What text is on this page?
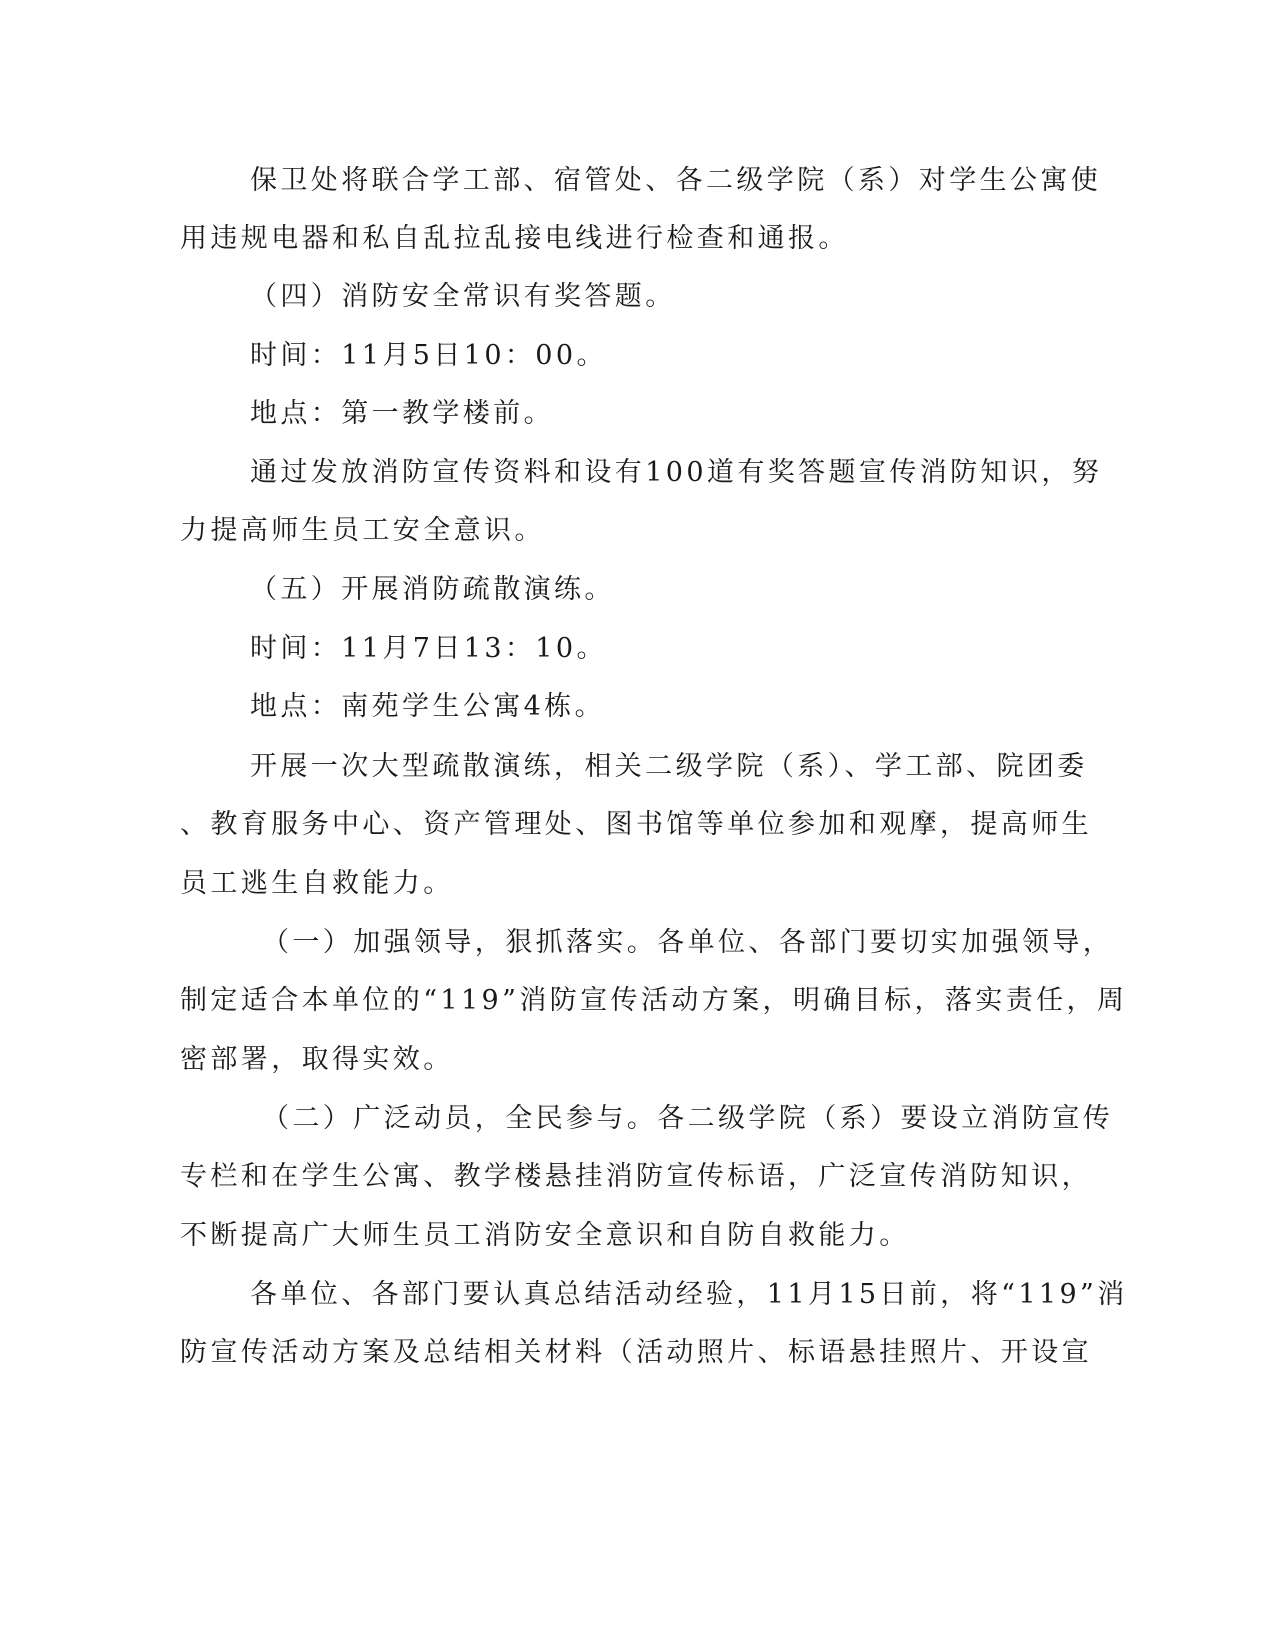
保卫处将联合学工部、宿管处、各二级学院（系）对学生公寓使
用违规电器和私自乱拉乱接电线进行检查和通报。
（四）消防安全常识有奖答题。
时间：11月5日10：00。
地点：第一教学楼前。
通过发放消防宣传资料和设有100道有奖答题宣传消防知识，努
力提高师生员工安全意识。
（五）开展消防疏散演练。
时间：11月7日13：10。
地点：南苑学生公寓4栋。
开展一次大型疏散演练，相关二级学院（系）、学工部、院团委
、教育服务中心、资产管理处、图书馆等单位参加和观摩，提高师生
员工逃生自救能力。
（一）加强领导，狠抓落实。各单位、各部门要切实加强领导，
制定适合本单位的“119”消防宣传活动方案，明确目标，落实责任，周
密部署，取得实效。
（二）广泛动员，全民参与。各二级学院（系）要设立消防宣传
专栏和在学生公寓、教学楼悬挂消防宣传标语，广泛宣传消防知识，
不断提高广大师生员工消防安全意识和自防自救能力。
各单位、各部门要认真总结活动经验，11月15日前，将“119”消
防宣传活动方案及总结相关材料（活动照片、标语悬挂照片、开设宣
